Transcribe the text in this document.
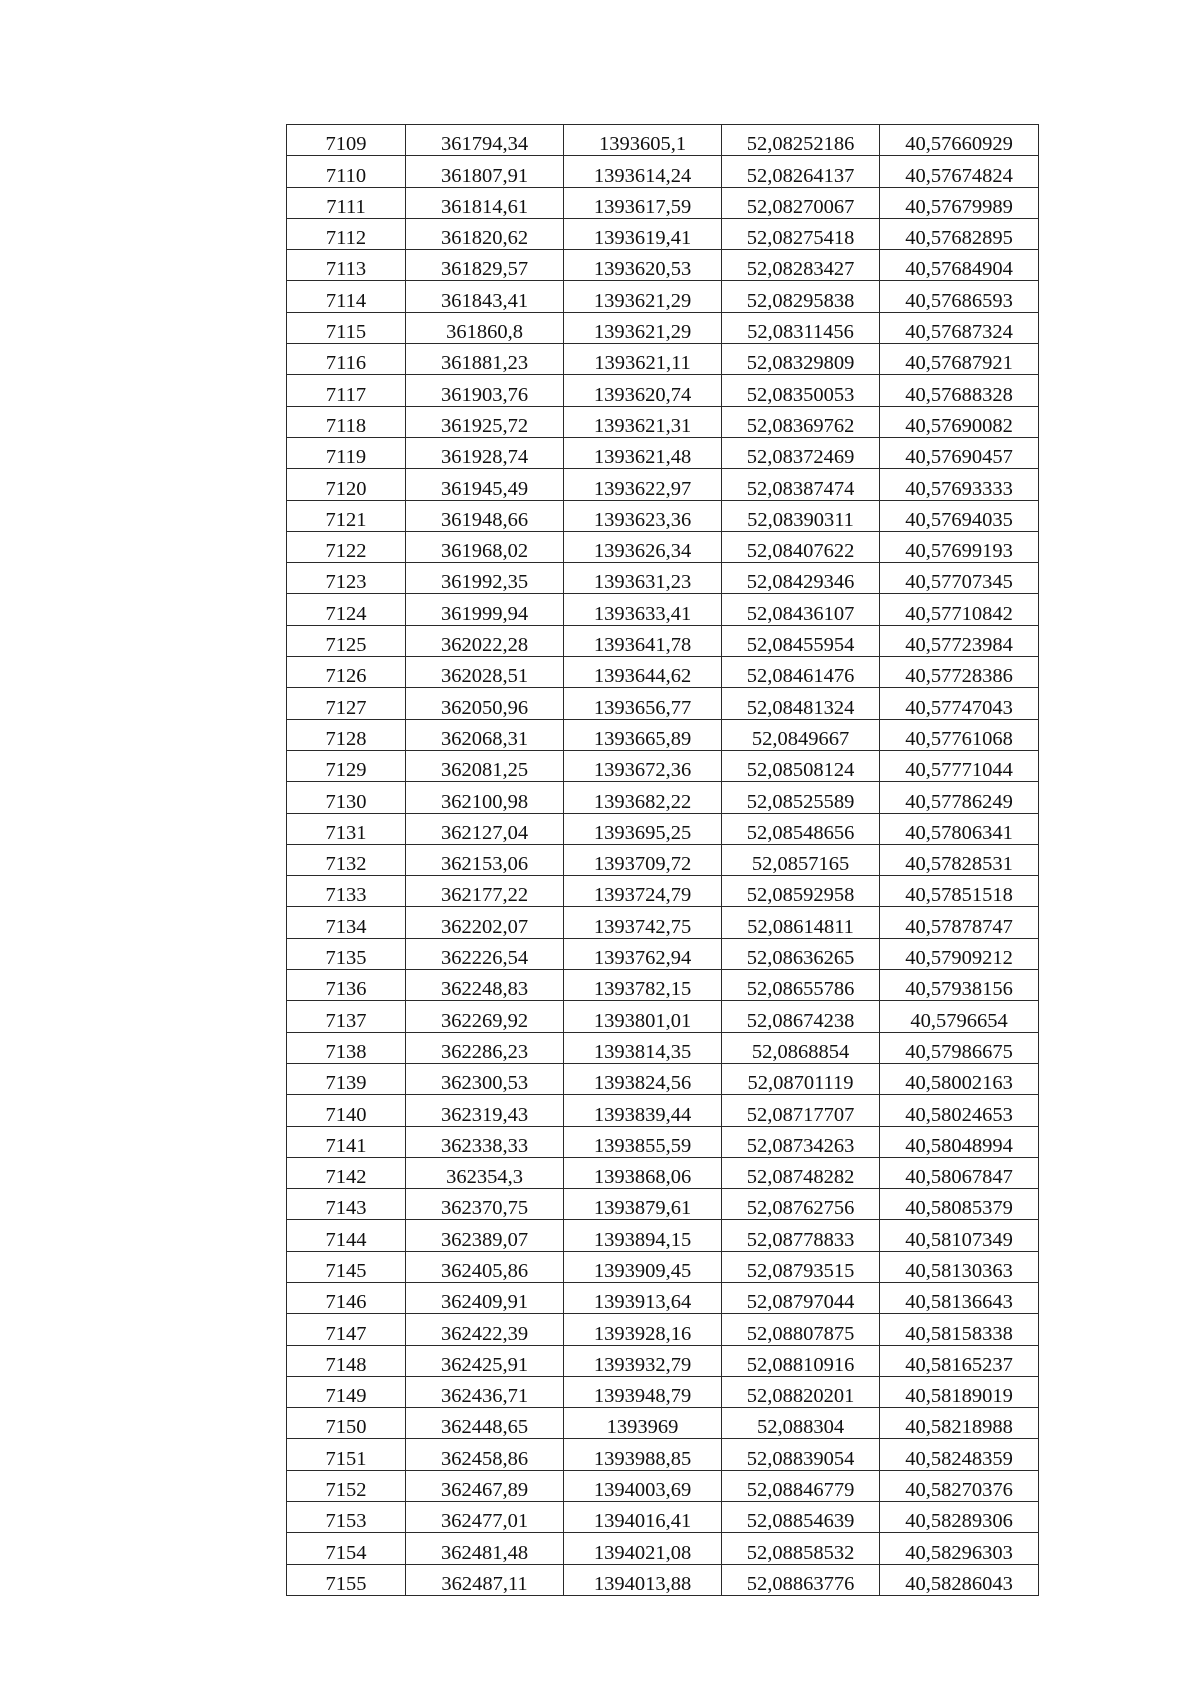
7109	361794,34	1393605,1	52,08252186	40,57660929
7110	361807,91	1393614,24	52,08264137	40,57674824
7111	361814,61	1393617,59	52,08270067	40,57679989
7112	361820,62	1393619,41	52,08275418	40,57682895
7113	361829,57	1393620,53	52,08283427	40,57684904
7114	361843,41	1393621,29	52,08295838	40,57686593
7115	361860,8	1393621,29	52,08311456	40,57687324
7116	361881,23	1393621,11	52,08329809	40,57687921
7117	361903,76	1393620,74	52,08350053	40,57688328
7118	361925,72	1393621,31	52,08369762	40,57690082
7119	361928,74	1393621,48	52,08372469	40,57690457
7120	361945,49	1393622,97	52,08387474	40,57693333
7121	361948,66	1393623,36	52,08390311	40,57694035
7122	361968,02	1393626,34	52,08407622	40,57699193
7123	361992,35	1393631,23	52,08429346	40,57707345
7124	361999,94	1393633,41	52,08436107	40,57710842
7125	362022,28	1393641,78	52,08455954	40,57723984
7126	362028,51	1393644,62	52,08461476	40,57728386
7127	362050,96	1393656,77	52,08481324	40,57747043
7128	362068,31	1393665,89	52,0849667	40,57761068
7129	362081,25	1393672,36	52,08508124	40,57771044
7130	362100,98	1393682,22	52,08525589	40,57786249
7131	362127,04	1393695,25	52,08548656	40,57806341
7132	362153,06	1393709,72	52,0857165	40,57828531
7133	362177,22	1393724,79	52,08592958	40,57851518
7134	362202,07	1393742,75	52,08614811	40,57878747
7135	362226,54	1393762,94	52,08636265	40,57909212
7136	362248,83	1393782,15	52,08655786	40,57938156
7137	362269,92	1393801,01	52,08674238	40,5796654
7138	362286,23	1393814,35	52,0868854	40,57986675
7139	362300,53	1393824,56	52,08701119	40,58002163
7140	362319,43	1393839,44	52,08717707	40,58024653
7141	362338,33	1393855,59	52,08734263	40,58048994
7142	362354,3	1393868,06	52,08748282	40,58067847
7143	362370,75	1393879,61	52,08762756	40,58085379
7144	362389,07	1393894,15	52,08778833	40,58107349
7145	362405,86	1393909,45	52,08793515	40,58130363
7146	362409,91	1393913,64	52,08797044	40,58136643
7147	362422,39	1393928,16	52,08807875	40,58158338
7148	362425,91	1393932,79	52,08810916	40,58165237
7149	362436,71	1393948,79	52,08820201	40,58189019
7150	362448,65	1393969	52,088304	40,58218988
7151	362458,86	1393988,85	52,08839054	40,58248359
7152	362467,89	1394003,69	52,08846779	40,58270376
7153	362477,01	1394016,41	52,08854639	40,58289306
7154	362481,48	1394021,08	52,08858532	40,58296303
7155	362487,11	1394013,88	52,08863776	40,58286043
